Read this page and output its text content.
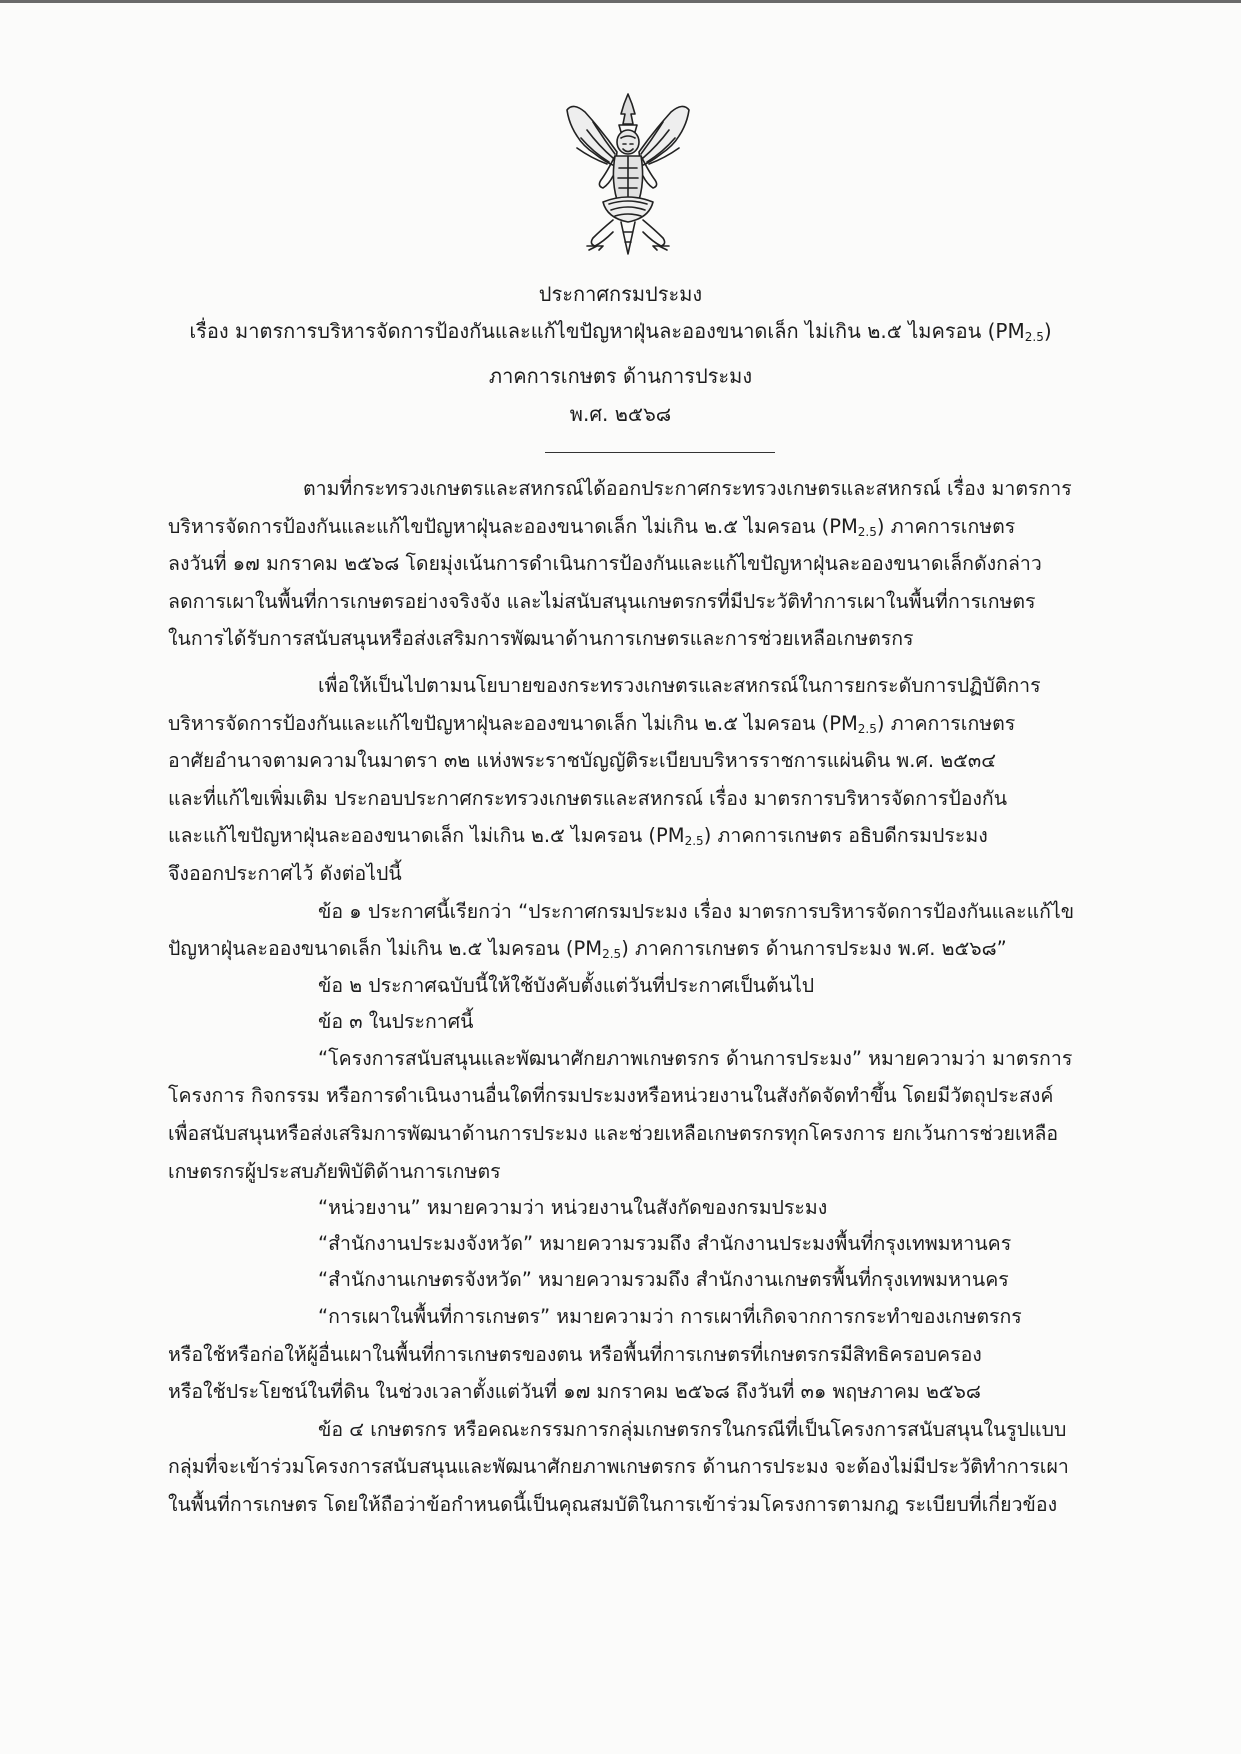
ประกาศกรมประมง
เรื่อง มาตรการบริหารจัดการป้องกันและแก้ไขปัญหาฝุ่นละอองขนาดเล็ก ไม่เกิน ๒.๕ ไมครอน $(PM_{2.5})$
ภาคการเกษตร ด้านการประมง
พ.ศ. ๒๕๖๘

ตามที่กระทรวงเกษตรและสหกรณ์ได้ออกประกาศกระทรวงเกษตรและสหกรณ์ เรื่อง มาตรการ

บริหารจัดการป้องกันและแก้ไขปัญหาฝุ่นละอองขนาดเล็ก ไม่เกิน ๒.๕ ไมครอน $(PM_{2.5})$ ภาคการเกษตร

ลงวันที่ ๑๗ มกราคม ๒๕๖๘ โดยมุ่งเน้นการดำเนินการป้องกันและแก้ไขปัญหาฝุ่นละอองขนาดเล็กดังกล่าว

ลดการเผาในพื้นที่การเกษตรอย่างจริงจัง และไม่สนับสนุนเกษตรกรที่มีประวัติทำการเผาในพื้นที่การเกษตร

ในการได้รับการสนับสนุนหรือส่งเสริมการพัฒนาด้านการเกษตรและการช่วยเหลือเกษตรกร

เพื่อให้เป็นไปตามนโยบายของกระทรวงเกษตรและสหกรณ์ในการยกระดับการปฏิบัติการ

บริหารจัดการป้องกันและแก้ไขปัญหาฝุ่นละอองขนาดเล็ก ไม่เกิน ๒.๕ ไมครอน $(PM_{2.5})$ ภาคการเกษตร

อาศัยอำนาจตามความในมาตรา ๓๒ แห่งพระราชบัญญัติระเบียบบริหารราชการแผ่นดิน พ.ศ. ๒๕๓๔

และที่แก้ไขเพิ่มเติม ประกอบประกาศกระทรวงเกษตรและสหกรณ์ เรื่อง มาตรการบริหารจัดการป้องกัน

และแก้ไขปัญหาฝุ่นละอองขนาดเล็ก ไม่เกิน ๒.๕ ไมครอน $(PM_{2.5})$ ภาคการเกษตร อธิบดีกรมประมง

จึงออกประกาศไว้ ดังต่อไปนี้

ข้อ ๑ ประกาศนี้เรียกว่า “ประกาศกรมประมง เรื่อง มาตรการบริหารจัดการป้องกันและแก้ไข

ปัญหาฝุ่นละอองขนาดเล็ก ไม่เกิน ๒.๕ ไมครอน $(PM_{2.5})$ ภาคการเกษตร ด้านการประมง พ.ศ. ๒๕๖๘”

ข้อ ๒ ประกาศฉบับนี้ให้ใช้บังคับตั้งแต่วันที่ประกาศเป็นต้นไป

ข้อ ๓ ในประกาศนี้

“โครงการสนับสนุนและพัฒนาศักยภาพเกษตรกร ด้านการประมง” หมายความว่า มาตรการ

โครงการ กิจกรรม หรือการดำเนินงานอื่นใดที่กรมประมงหรือหน่วยงานในสังกัดจัดทำขึ้น โดยมีวัตถุประสงค์

เพื่อสนับสนุนหรือส่งเสริมการพัฒนาด้านการประมง และช่วยเหลือเกษตรกรทุกโครงการ ยกเว้นการช่วยเหลือ

เกษตรกรผู้ประสบภัยพิบัติด้านการเกษตร

“หน่วยงาน” หมายความว่า หน่วยงานในสังกัดของกรมประมง

“สำนักงานประมงจังหวัด” หมายความรวมถึง สำนักงานประมงพื้นที่กรุงเทพมหานคร

“สำนักงานเกษตรจังหวัด” หมายความรวมถึง สำนักงานเกษตรพื้นที่กรุงเทพมหานคร

“การเผาในพื้นที่การเกษตร” หมายความว่า การเผาที่เกิดจากการกระทำของเกษตรกร

หรือใช้หรือก่อให้ผู้อื่นเผาในพื้นที่การเกษตรของตน หรือพื้นที่การเกษตรที่เกษตรกรมีสิทธิครอบครอง

หรือใช้ประโยชน์ในที่ดิน ในช่วงเวลาตั้งแต่วันที่ ๑๗ มกราคม ๒๕๖๘ ถึงวันที่ ๓๑ พฤษภาคม ๒๕๖๘

ข้อ ๔ เกษตรกร หรือคณะกรรมการกลุ่มเกษตรกรในกรณีที่เป็นโครงการสนับสนุนในรูปแบบ

กลุ่มที่จะเข้าร่วมโครงการสนับสนุนและพัฒนาศักยภาพเกษตรกร ด้านการประมง จะต้องไม่มีประวัติทำการเผา

ในพื้นที่การเกษตร โดยให้ถือว่าข้อกำหนดนี้เป็นคุณสมบัติในการเข้าร่วมโครงการตามกฎ ระเบียบที่เกี่ยวข้อง
